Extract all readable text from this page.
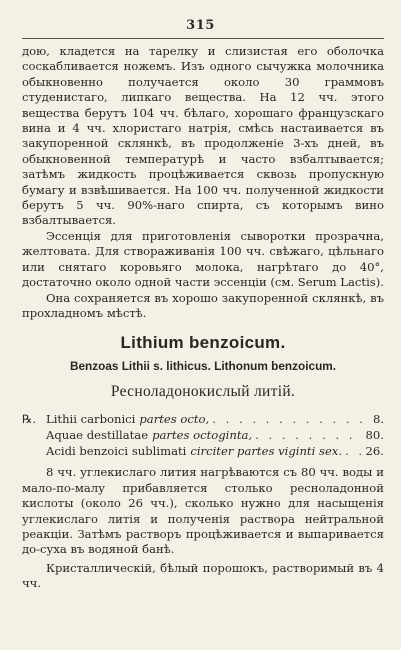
315

дою, кладется на тарелку и слизистая его оболочка соскабливается ножемъ. Изъ одного сычужка молочника обыкновенно получается около 30 граммовъ студенистаго, липкаго вещества. На 12 чч. этого вещества берутъ 104 чч. бѣлаго, хорошаго французскаго вина и 4 чч. хлористаго натрія, смѣсь настаивается въ закупоренной склянкѣ, въ продолженіе 3-хъ дней, въ обыкновенной температурѣ и часто взбалтывается; затѣмъ жидкость процѣживается сквозь пропускную бумагу и взвѣшивается. На 100 чч. полученной жидкости берутъ 5 чч. 90%-наго спирта, съ которымъ вино взбалтывается.

Эссенція для приготовленія сыворотки прозрачна, желтовата. Для створаживанія 100 чч. свѣжаго, цѣльнаго или снятаго коровьяго молока, нагрѣтаго до 40°, достаточно около одной части эссенціи (см. Serum Lactis).

Она сохраняется въ хорошо закупоренной склянкѣ, въ прохладномъ мѣстѣ.

Lithium benzoicum.
Benzoas Lithii s. lithicus. Lithonum benzoicum.
Ресноладонокислый литій.
℞. Lithii carbonici partes octo, . . .	8.
Aquae destillatae partes octoginta, . . .	80.
Acidi benzoici sublimati circiter partes viginti sex. . . . 26.

8 чч. углекислаго лития нагрѣваются съ 80 чч. воды и мало-по-малу прибавляется столько ресноладонной кислоты (около 26 чч.), сколько нужно для насыщенія углекислаго литія и полученія раствора нейтральной реакціи. Затѣмъ растворъ процѣживается и выпаривается до-суха въ водяной банѣ.

Кристаллическій, бѣлый порошокъ, растворимый въ 4 чч.
